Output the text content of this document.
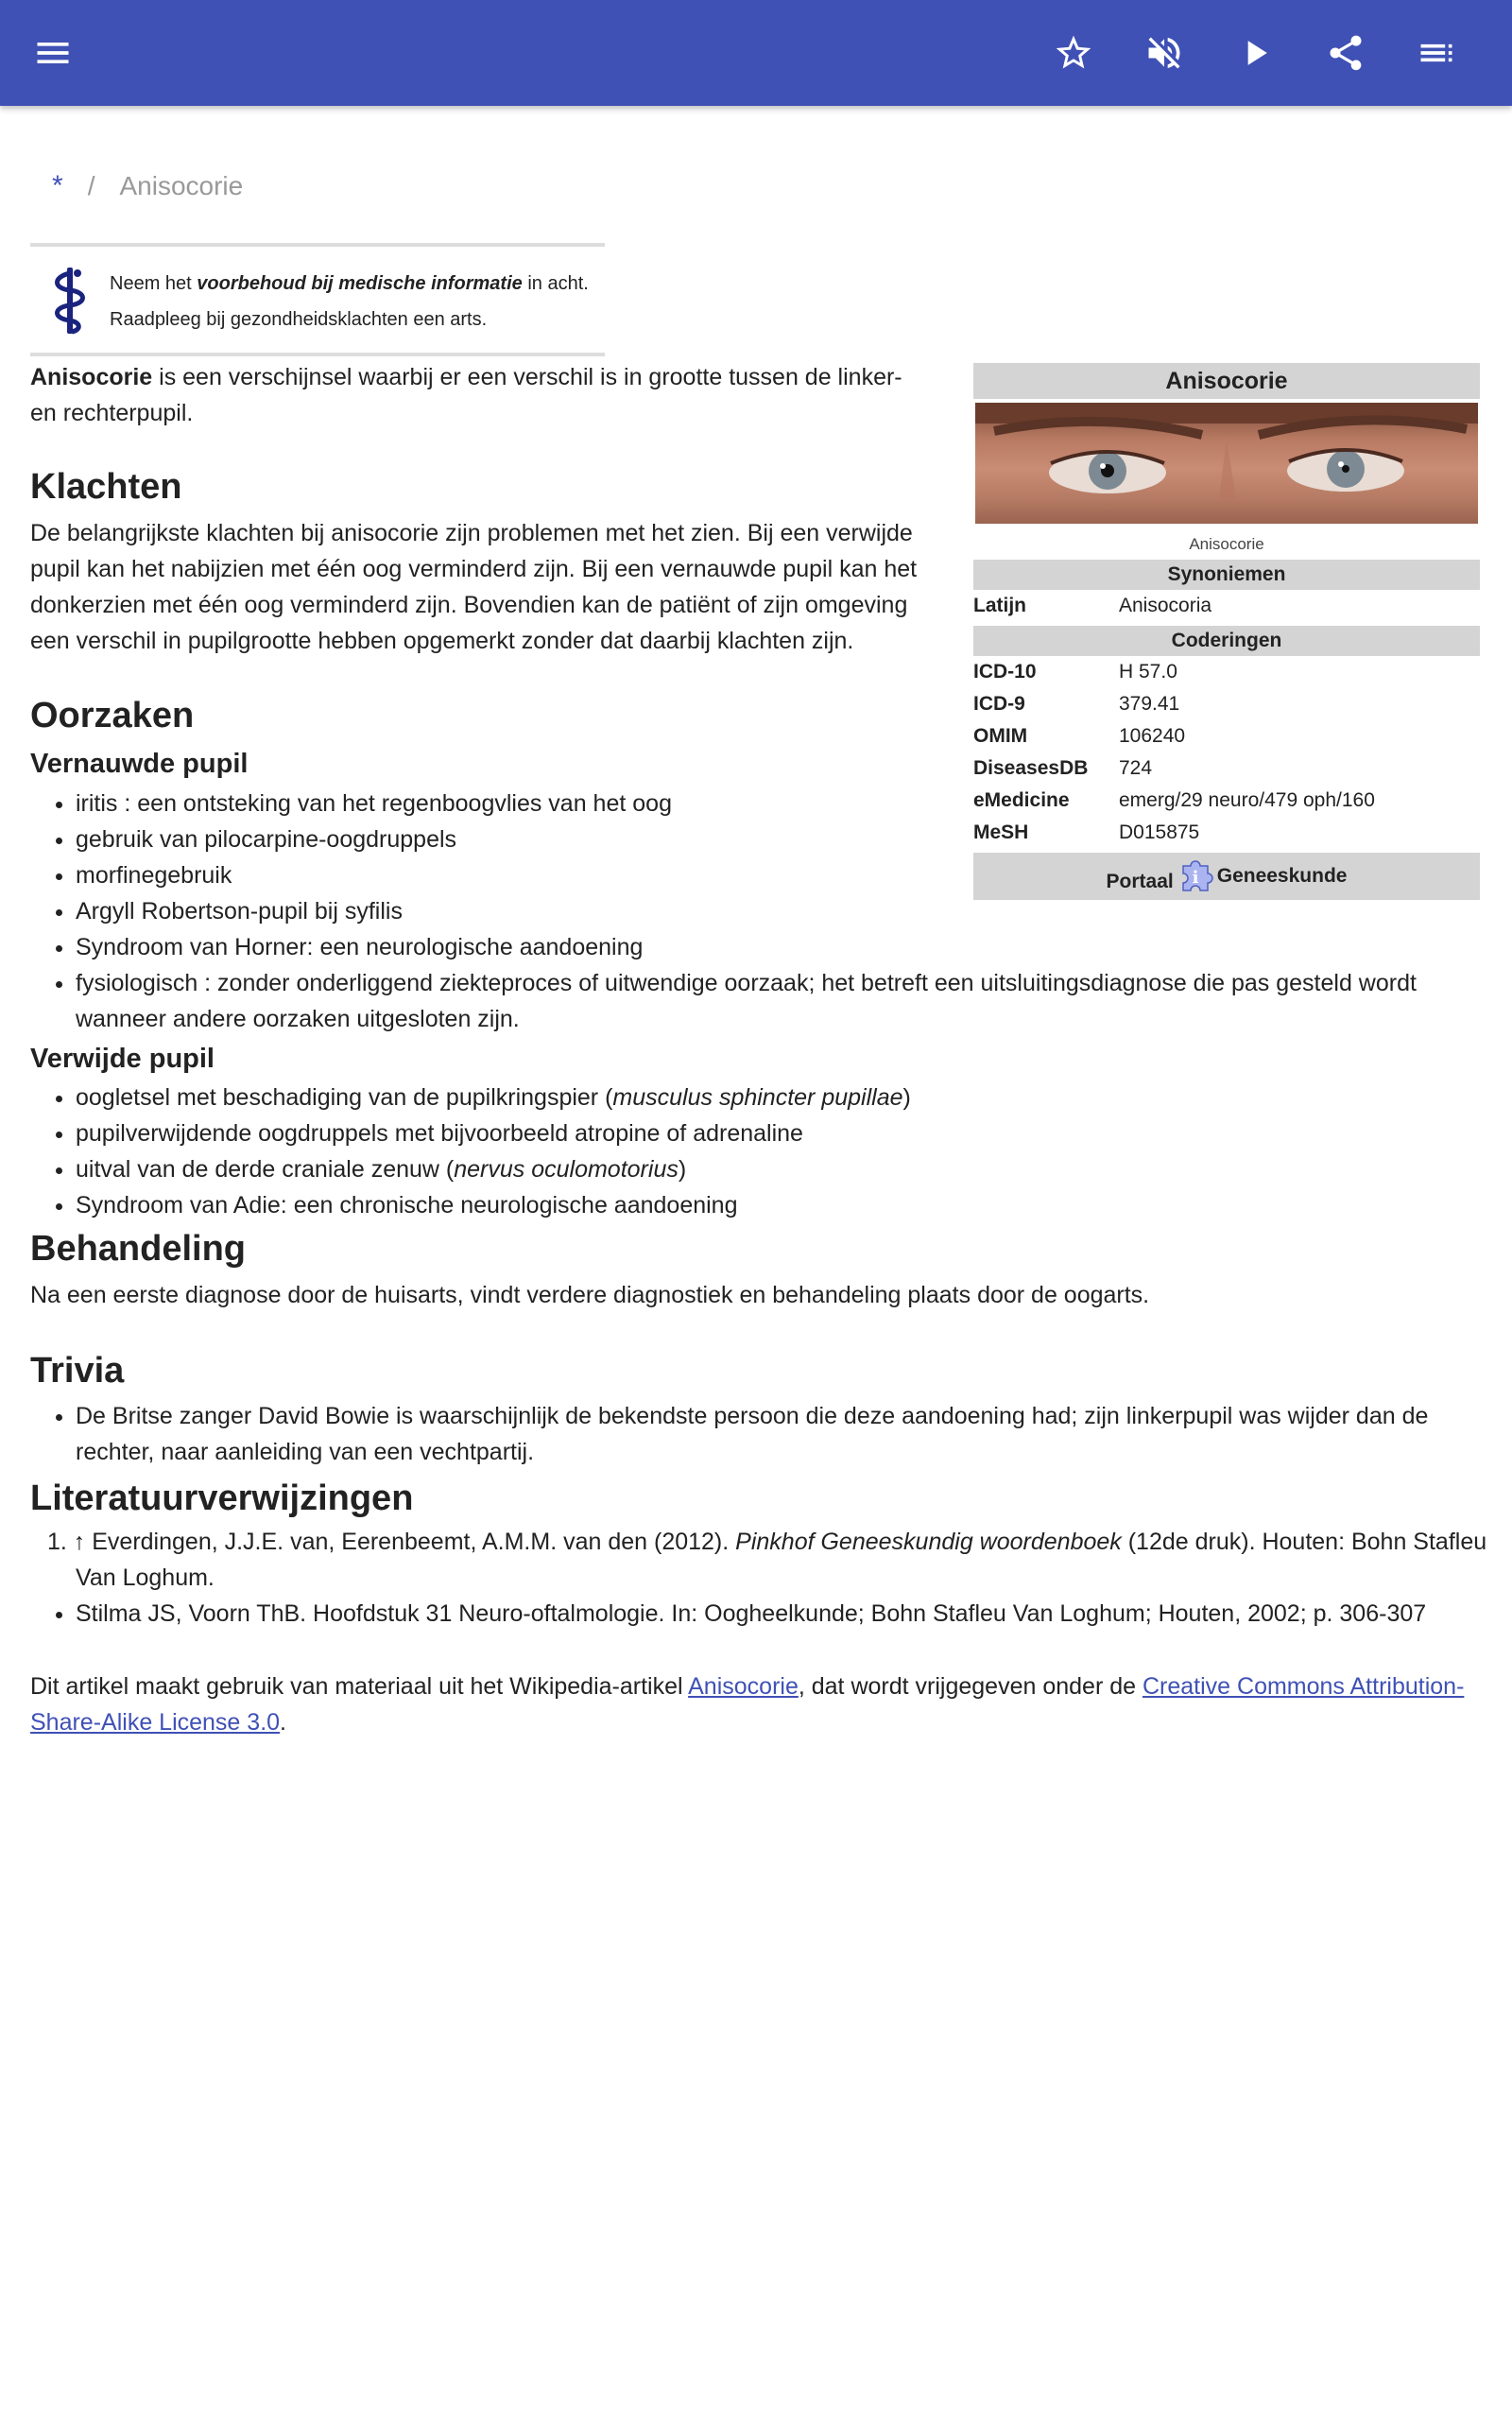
* / Anisocorie
Neem het voorbehoud bij medische informatie in acht.
Raadpleeg bij gezondheidsklachten een arts.
Anisocorie is een verschijnsel waarbij er een verschil is in grootte tussen de linker-
en rechterpupil.
Anisocorie
Anisocorie
Synoniemen
Latijn	Anisocoria
Coderingen
ICD-10	H 57.0
ICD-9	379.41
OMIM	106240
DiseasesDB	724
eMedicine	emerg/29 neuro/479 oph/160
MeSH	D015875
Portaal i Geneeskunde
Klachten
De belangrijkste klachten bij anisocorie zijn problemen met het zien. Bij een verwijde
pupil kan het nabijzien met één oog verminderd zijn. Bij een vernauwde pupil kan het
donkerzien met één oog verminderd zijn. Bovendien kan de patiënt of zijn omgeving
een verschil in pupilgrootte hebben opgemerkt zonder dat daarbij klachten zijn.
Oorzaken
Vernauwde pupil
• iritis : een ontsteking van het regenboogvlies van het oog
• gebruik van pilocarpine-oogdruppels
• morfinegebruik
• Argyll Robertson-pupil bij syfilis
• Syndroom van Horner: een neurologische aandoening
• fysiologisch : zonder onderliggend ziekteproces of uitwendige oorzaak; het betreft een uitsluitingsdiagnose die pas gesteld wordt wanneer andere oorzaken uitgesloten zijn.
Verwijde pupil
• oogletsel met beschadiging van de pupilkringspier (musculus sphincter pupillae)
• pupilverwijdende oogdruppels met bijvoorbeeld atropine of adrenaline
• uitval van de derde craniale zenuw (nervus oculomotorius)
• Syndroom van Adie: een chronische neurologische aandoening
Behandeling
Na een eerste diagnose door de huisarts, vindt verdere diagnostiek en behandeling plaats door de oogarts.
Trivia
• De Britse zanger David Bowie is waarschijnlijk de bekendste persoon die deze aandoening had; zijn linkerpupil was wijder dan de rechter, naar aanleiding van een vechtpartij.
Literatuurverwijzingen
1. ↑ Everdingen, J.J.E. van, Eerenbeemt, A.M.M. van den (2012). Pinkhof Geneeskundig woordenboek (12de druk). Houten: Bohn Stafleu Van Loghum.
• Stilma JS, Voorn ThB. Hoofdstuk 31 Neuro-oftalmologie. In: Oogheelkunde; Bohn Stafleu Van Loghum; Houten, 2002; p. 306-307
Dit artikel maakt gebruik van materiaal uit het Wikipedia-artikel Anisocorie, dat wordt vrijgegeven onder de Creative Commons Attribution-Share-Alike License 3.0.
